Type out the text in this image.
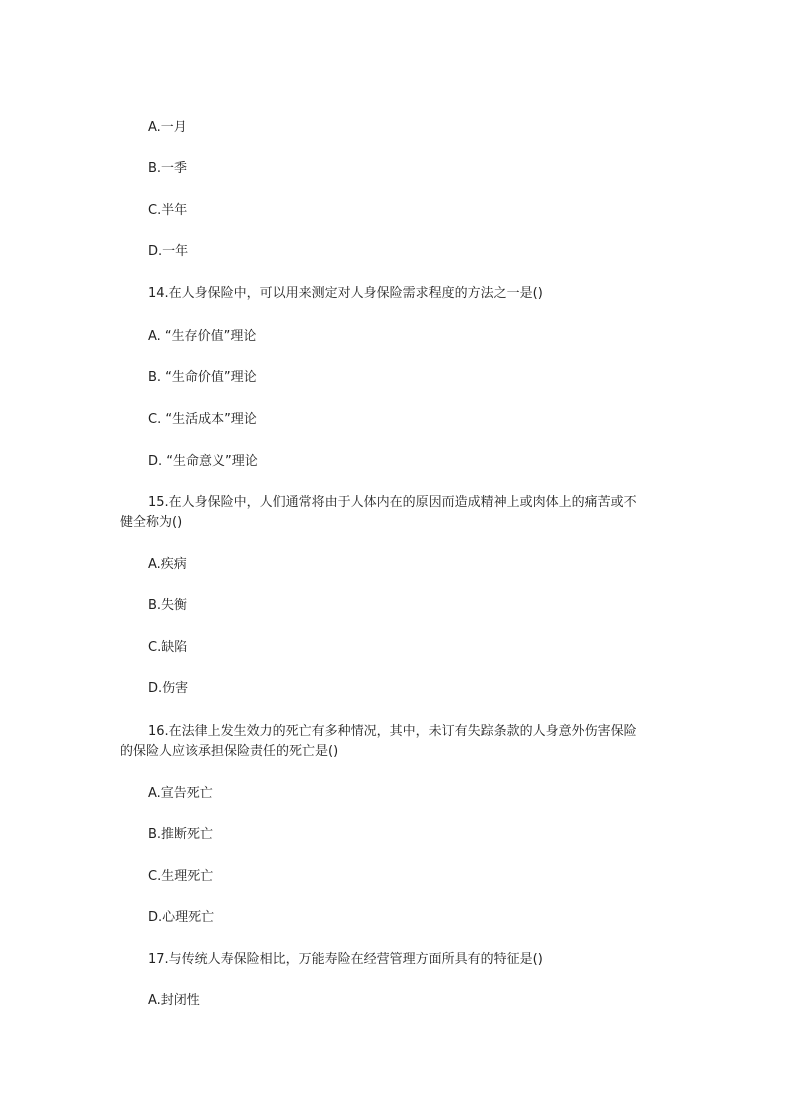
A.一月
B.一季
C.半年
D.一年
14.在人身保险中，可以用来测定对人身保险需求程度的方法之一是()
A. “生存价值”理论
B. “生命价值”理论
C. “生活成本”理论
D. “生命意义”理论
15.在人身保险中，人们通常将由于人体内在的原因而造成精神上或肉体上的痛苦或不
健全称为()
A.疾病
B.失衡
C.缺陷
D.伤害
16.在法律上发生效力的死亡有多种情况，其中，未订有失踪条款的人身意外伤害保险
的保险人应该承担保险责任的死亡是()
A.宣告死亡
B.推断死亡
C.生理死亡
D.心理死亡
17.与传统人寿保险相比，万能寿险在经营管理方面所具有的特征是()
A.封闭性
